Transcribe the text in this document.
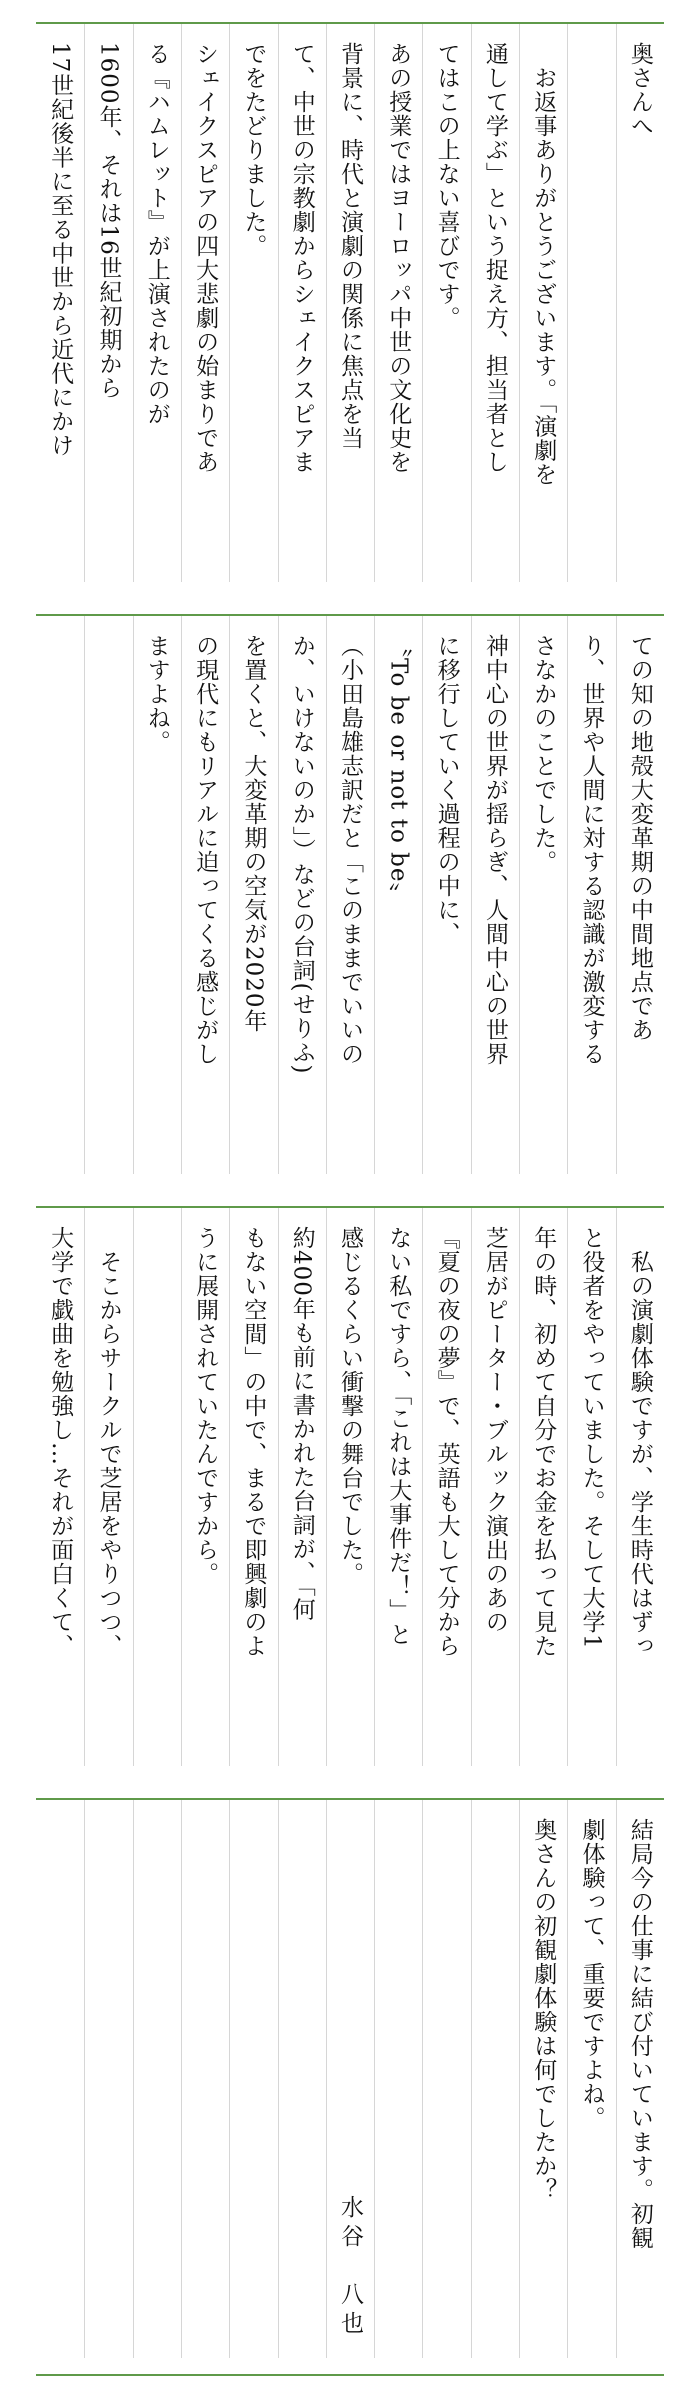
奥さんへ
　お返事ありがとうございます。「演劇を
通して学ぶ」という捉え方、担当者とし
てはこの上ない喜びです。
あの授業ではヨーロッパ中世の文化史を
背景に、時代と演劇の関係に焦点を当
て、中世の宗教劇からシェイクスピアま
でをたどりました。
シェイクスピアの四大悲劇の始まりであ
る『ハムレット』が上演されたのが
1600年、それは16世紀初期から
17世紀後半に至る中世から近代にかけ
ての知の地殻大変革期の中間地点であ
り、世界や人間に対する認識が激変する
さなかのことでした。
神中心の世界が揺らぎ、人間中心の世界
に移行していく過程の中に、
〝To be or not to be〟
（小田島雄志訳だと「このままでいいの
か、いけないのか」）などの台詞(せりふ)
を置くと、大変革期の空気が2020年
の現代にもリアルに迫ってくる感じがし
ますよね。
　私の演劇体験ですが、学生時代はずっ
と役者をやっていました。そして大学1
年の時、初めて自分でお金を払って見た
芝居がピーター・ブルック演出のあの
『夏の夜の夢』で、英語も大して分から
ない私ですら、「これは大事件だ！」と
感じるくらい衝撃の舞台でした。
約400年も前に書かれた台詞が、「何
もない空間」の中で、まるで即興劇のよ
うに展開されていたんですから。
　そこからサークルで芝居をやりつつ、
大学で戯曲を勉強し…それが面白くて、
結局今の仕事に結び付いています。初観
劇体験って、重要ですよね。
奥さんの初観劇体験は何でしたか？
水谷　八也
